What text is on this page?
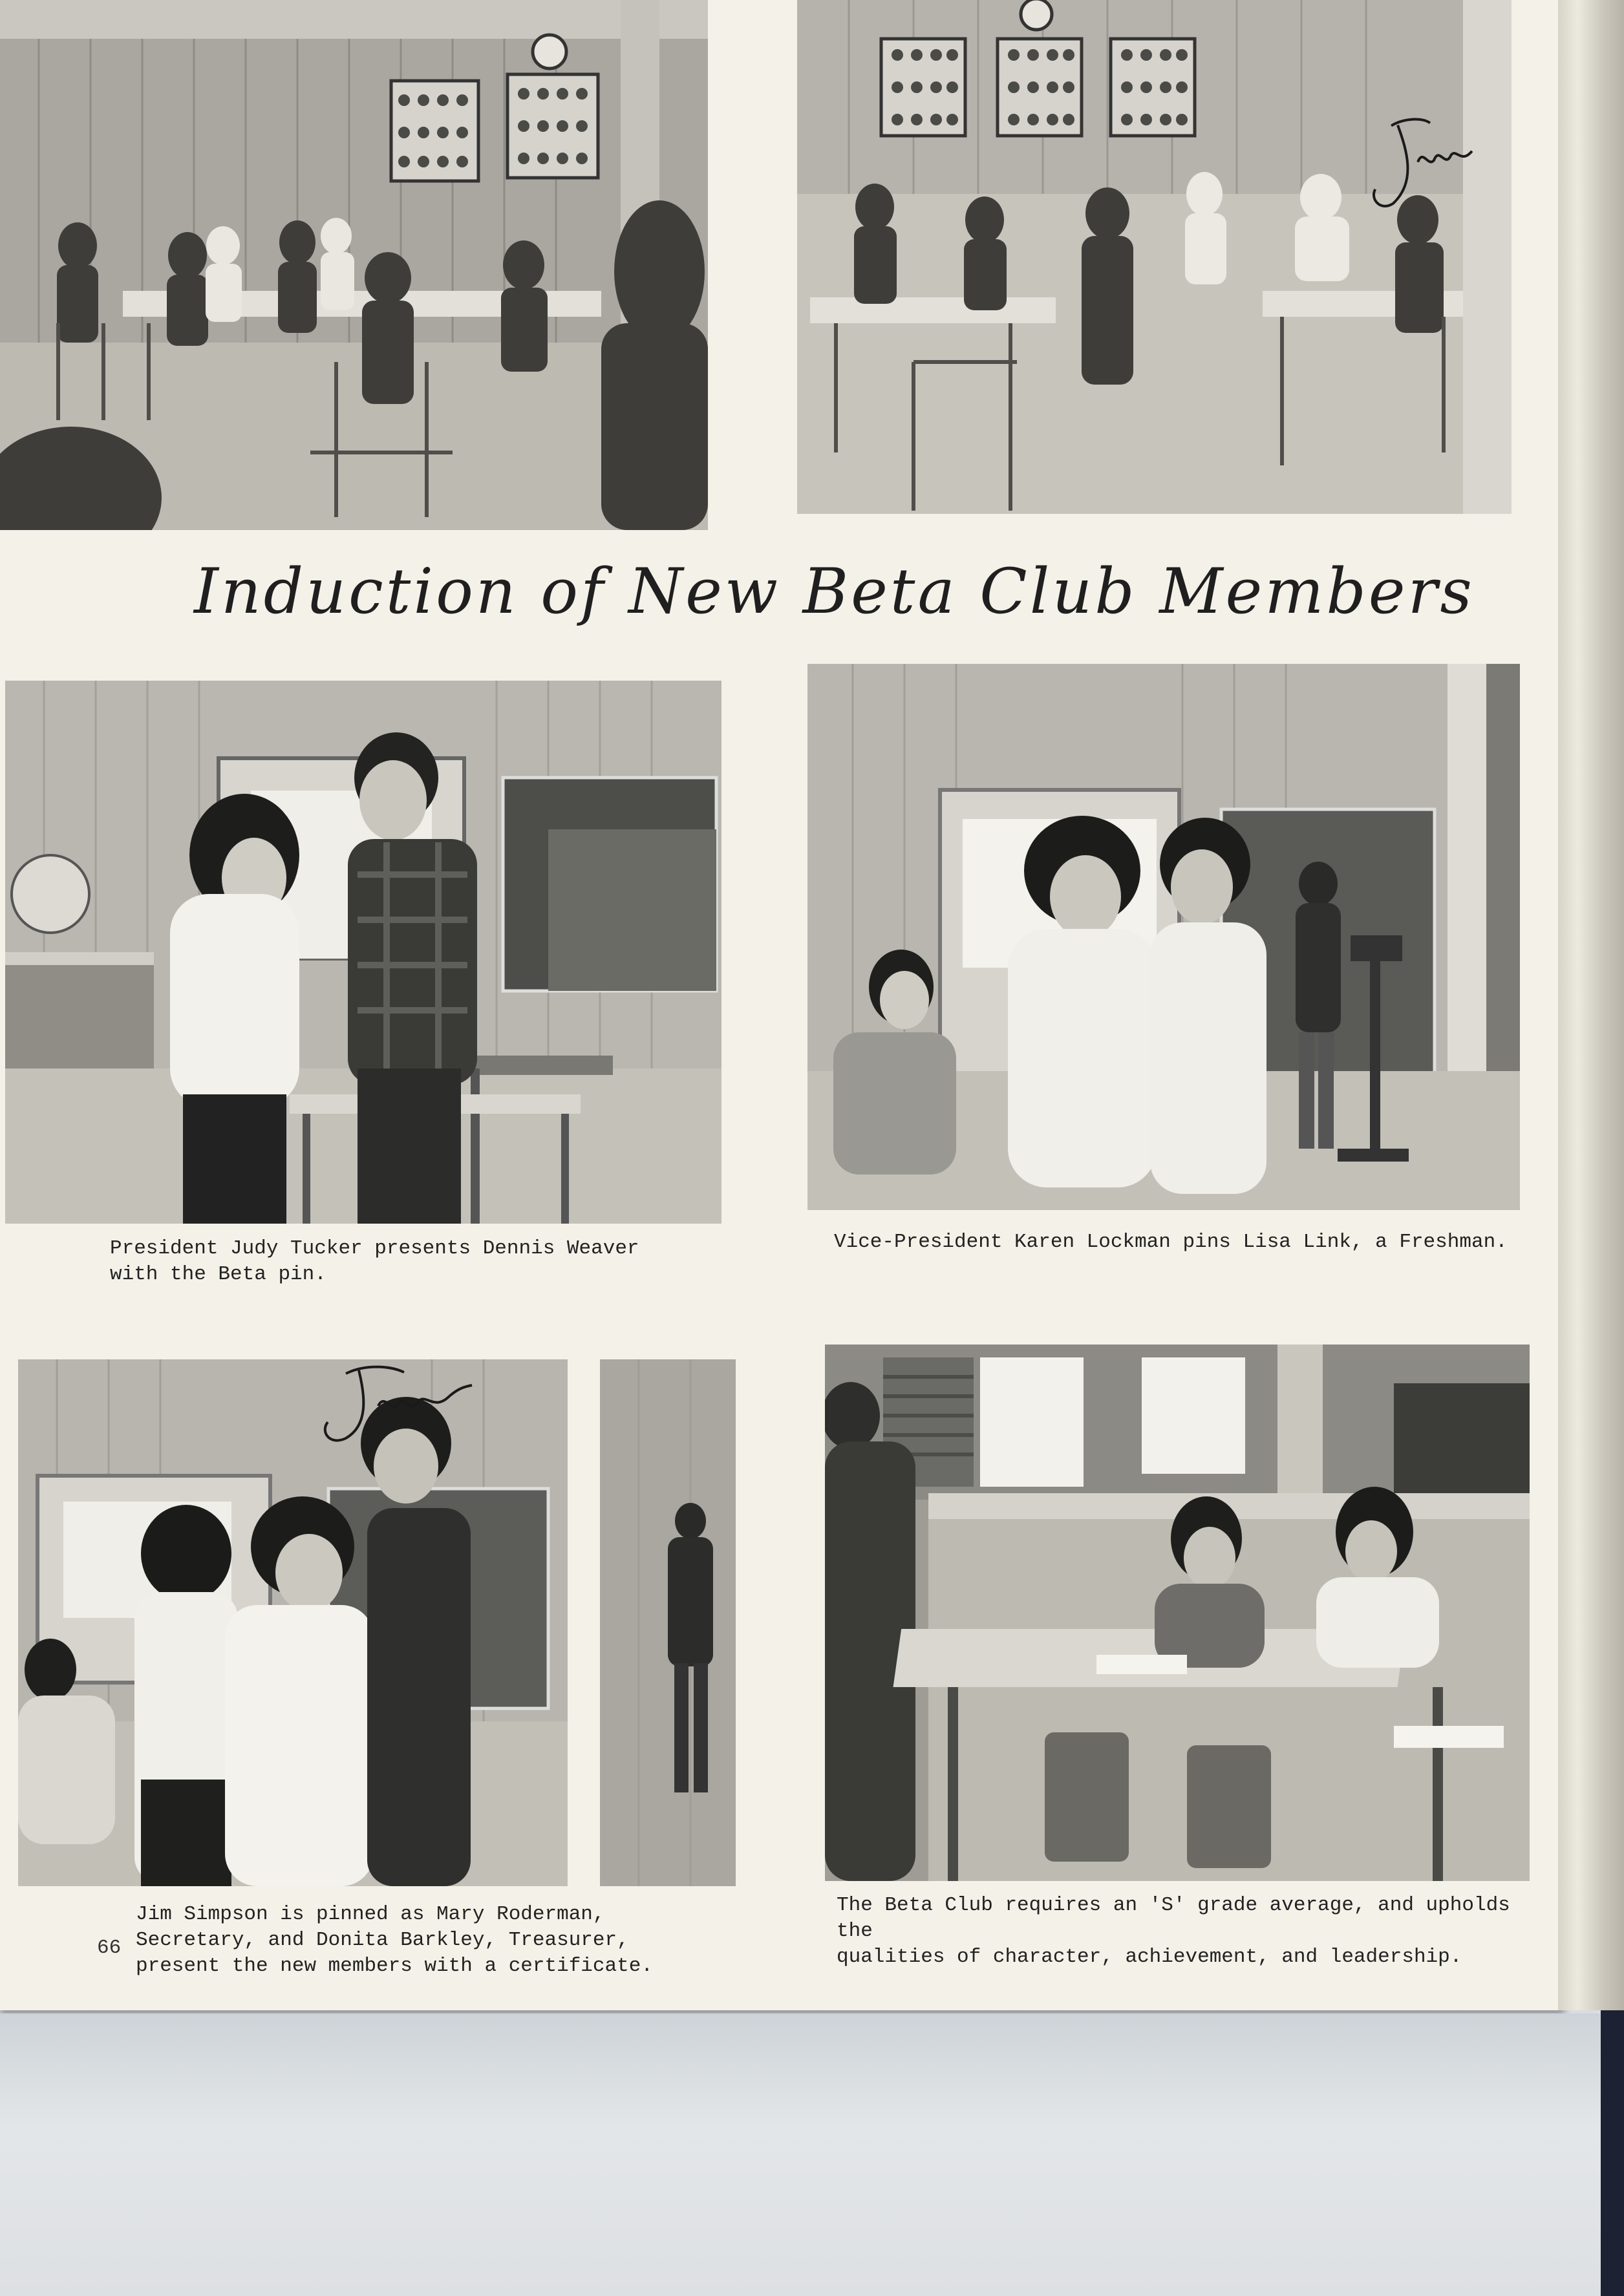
Induction of New Beta Club Members
President Judy Tucker presents Dennis Weaver
with the Beta pin.
Vice-President Karen Lockman pins Lisa Link, a Freshman.
Jim Simpson is pinned as Mary Roderman,
Secretary, and Donita Barkley, Treasurer,
present the new members with a certificate.
The Beta Club requires an 'S' grade average, and upholds the
qualities of character, achievement, and leadership.
66
